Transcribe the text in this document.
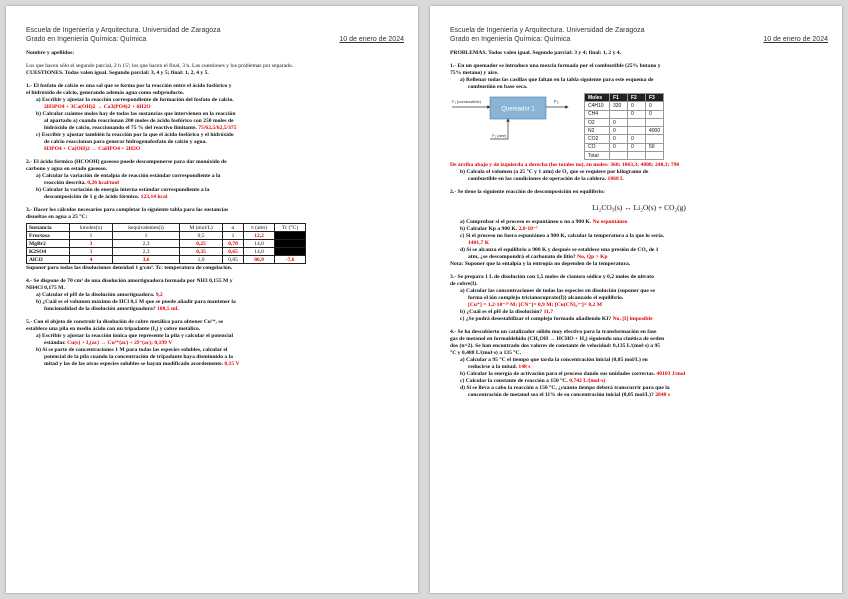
Escuela de Ingeniería y Arquitectura. Universidad de Zaragoza
Grado en Ingeniería Química: Química	10 de enero de 2024

Nombre y apellidos:

Los que hacen sólo el segundo parcial, 2 h 15'; los que hacen el final, 3 h. Las cuestiones y los problemas por separado.

CUESTIONES. Todas valen igual. Segundo parcial: 3, 4 y 5; final: 1, 2, 4 y 5.

1.- El fosfato de calcio es una sal que se forma por la reacción entre el ácido fosfórico y

el hidróxido de calcio, generando además agua como subproducto.

a) Escribir y ajustar la reacción correspondiente de formación del fosfato de calcio.

2H3PO4 + 3Ca(OH)2 → Ca3(PO4)2 + 6H2O

b) Calcular cuántos moles hay de todas las sustancias que intervienen en la reacción

al apartado a) cuando reaccionan 200 moles de ácido fosfórico con 250 moles de

hidróxido de calcio, reaccionando el 75 % del reactivo limitante. 75/62,5/62,5/375

c) Escribir y ajustar también la reacción por la que el ácido fosfórico y el hidróxido

de calcio reaccionan para generar hidrogenofosfato de calcio y agua.

H3PO4 + Ca(OH)2 → CaHPO4 + 2H2O

2.- El ácido fórmico (HCOOH) gaseoso puede descomponerse para dar monóxido de

carbono y agua en estado gaseoso.

a) Calcular la variación de entalpía de reacción estándar correspondiente a la

reacción descrita. 0,26 kcal/mol

b) Calcular la variación de energía interna estándar correspondiente a la

descomposición de 1 g de ácido fórmico. 123,14 kcal

3.- Hacer los cálculos necesarios para completar la siguiente tabla para las sustancias

disueltas en agua a 25 °C:

Sustancia	kmoles(x)	kequivalentes(i)	M (mol/L)	α	π (atm)	Tc (°C)
Fructosa	1	1	0,5	1	12,2	
MgBr2	3	2,3	0,25	0,70	14,0	
K2SO4	3	2,3	0,35	0,65	14,0	
AlCl3	4	3,6	1,0	0,85	86,9	-7,6

Suponer para todas las disoluciones densidad 1 g/cm³. Tc: temperatura de congelación.

4.- Se dispone de 70 cm³ de una disolución amortiguadora formada por NH3 0,155 M y

NH4Cl 0,175 M.

a) Calcular el pH de la disolución amortiguadora. 9,2

b) ¿Cuál es el volumen máximo de HCl 0,1 M que se puede añadir para mantener la

funcionalidad de la disolución amortiguadora? 108,5 mL

5.- Con el objeto de construir la disolución de cobre metálico para obtener Cu²⁺, se

establece una pila en medio ácido con un tripadante (I₂) y cobre metálico.

a) Escribir y ajustar la reacción iónica que represente la pila y calcular el potencial

estándar. Cu(s) + I₂(ac) → Cu²⁺(ac) + 2I⁻(ac); 0,199 V

b) Si se parte de concentraciones 1 M para todas las especies solubles, calcular el

potencial de la pila cuando la concentración de tripadante haya disminuido a la

mitad y las de las otras especies solubles se hayan modificado acordemente. 0,15 V

Escuela de Ingeniería y Arquitectura. Universidad de Zaragoza
Grado en Ingeniería Química: Química	10 de enero de 2024

PROBLEMAS. Todos valen igual. Segundo parcial: 3 y 4; final: 1, 2 y 4.

1.- En un quemador se introduce una mezcla formada por el combustible (25% butano y

75% metano) y aire.

a) Rellenar todas las casillas que faltan en la tabla siguiente para este esquema de

combustión en base seca.

Quemador 1
F₁ (combustible)
F₂ (aire)
F₃
Moles	F1	F2	F3
C4H10	320	0	0
CH4		0	0
O2	0		
N2	0		4000
CO2	0	0	
CO	0	0	50
Total			

De arriba abajo y de izquierda a derecha (los totales no), en moles: 360; 1063,3; 4000; 248,3; 790

b) Calcula el volumen (a 25 °C y 1 atm) de O₂ que se requiere por kilogramo de

combustible en las condiciones de operación de la caldera. 1868 L

2.- Se tiene la siguiente reacción de descomposición en equilibrio:

Li₂CO₃(s) ↔ Li₂O(s) + CO₂(g)

a) Comprobar si el proceso es espontáneo o no a 900 K. No espontáneo

b) Calcular Kp a 900 K. 2,0·10⁻⁷

c) Si el proceso no fuera espontáneo a 900 K, calcular la temperatura a la que lo sería.

1401,7 K

d) Si se alcanza el equilibrio a 900 K y después se establece una presión de CO₂ de 1

atm, ¿se descompondrá el carbonato de litio? No, Qp > Kp

Nota: Suponer que la entalpía y la entropía no dependen de la temperatura.

3.- Se prepara 1 L de disolución con 1,5 moles de cianuro sódico y 0,2 moles de nitrato

de cobre(I).

a) Calcular las concentraciones de todas las especies en disolución (suponer que se

forma el ión complejo tricianocuprato(I)) alcanzado el equilibrio.

[Cu⁺] = 1,2·10⁻²⁹ M; [CN⁻]= 0,9 M; [Cu(CN)₃²⁻]= 0,2 M

b) ¿Cuál es el pH de la disolución? 11,7

c) ¿Se podrá desestabilizar el complejo formado añadiendo KI? No, [I] imposible

4.- Se ha descubierto un catalizador sólido muy efectivo para la transformación en fase

gas de metanol en formaldehído (CH₃OH → HCHO + H₂) siguiendo una cinética de orden

dos (n=2). Se han encontrado dos valores de constante de velocidad: 0,135 L/(mol·s) a 95

°C y 0,488 L/(mol·s) a 135 °C.

a) Calcular a 95 °C el tiempo que tarda la concentración inicial (0,05 mol/L) en

reducirse a la mitad. 148 s

b) Calcular la energía de activación para el proceso dando sus unidades correctas. 40103 J/mol

c) Calcular la constante de reacción a 150 °C. 0,742 L/(mol·s)

d) Si se lleva a cabo la reacción a 150 °C, ¿cuánto tiempo deberá transcurrir para que la

concentración de metanol sea el 11% de su concentración inicial (0,05 mol/L)? 2848 s
